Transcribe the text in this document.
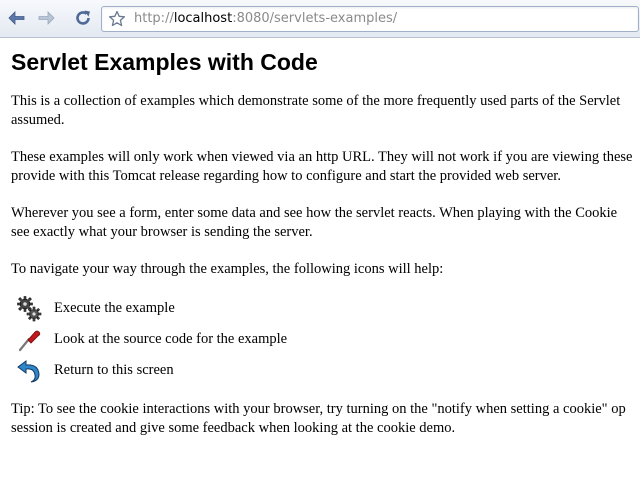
http://localhost:8080/servlets-examples/
Servlet Examples with Code

This is a collection of examples which demonstrate some of the more frequently used parts of the Servlet
assumed.

These examples will only work when viewed via an http URL. They will not work if you are viewing these
provide with this Tomcat release regarding how to configure and start the provided web server.

Wherever you see a form, enter some data and see how the servlet reacts. When playing with the Cookie
see exactly what your browser is sending the server.

To navigate your way through the examples, the following icons will help:

Execute the example
Look at the source code for the example
Return to this screen

Tip: To see the cookie interactions with your browser, try turning on the "notify when setting a cookie" op
session is created and give some feedback when looking at the cookie demo.
